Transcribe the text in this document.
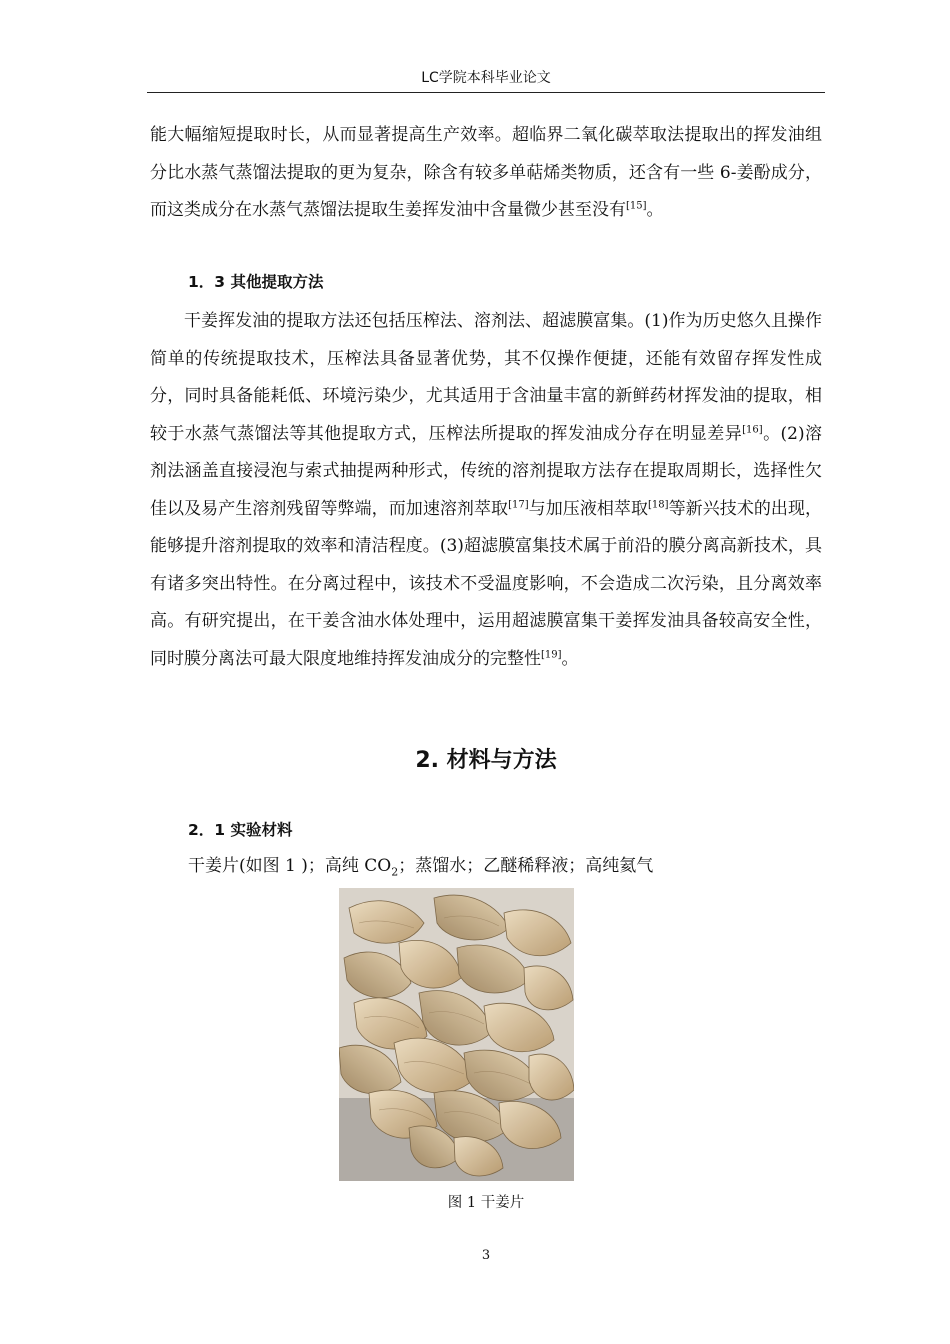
LC学院本科毕业论文

能大幅缩短提取时长，从而显著提高生产效率。超临界二氧化碳萃取法提取出的挥发油组分比水蒸气蒸馏法提取的更为复杂，除含有较多单萜烯类物质，还含有一些 6-姜酚成分，而这类成分在水蒸气蒸馏法提取生姜挥发油中含量微少甚至没有[15]。

1．3 其他提取方法

干姜挥发油的提取方法还包括压榨法、溶剂法、超滤膜富集。(1)作为历史悠久且操作简单的传统提取技术，压榨法具备显著优势，其不仅操作便捷，还能有效留存挥发性成分，同时具备能耗低、环境污染少，尤其适用于含油量丰富的新鲜药材挥发油的提取，相较于水蒸气蒸馏法等其他提取方式，压榨法所提取的挥发油成分存在明显差异[16]。(2)溶剂法涵盖直接浸泡与索式抽提两种形式，传统的溶剂提取方法存在提取周期长，选择性欠佳以及易产生溶剂残留等弊端，而加速溶剂萃取[17]与加压液相萃取[18]等新兴技术的出现，能够提升溶剂提取的效率和清洁程度。(3)超滤膜富集技术属于前沿的膜分离高新技术，具有诸多突出特性。在分离过程中，该技术不受温度影响，不会造成二次污染，且分离效率高。有研究提出，在干姜含油水体处理中，运用超滤膜富集干姜挥发油具备较高安全性，同时膜分离法可最大限度地维持挥发油成分的完整性[19]。

2. 材料与方法

2．1 实验材料

干姜片(如图 1 )；高纯 $CO_2$；蒸馏水；乙醚稀释液；高纯氦气

图 1 干姜片
3
